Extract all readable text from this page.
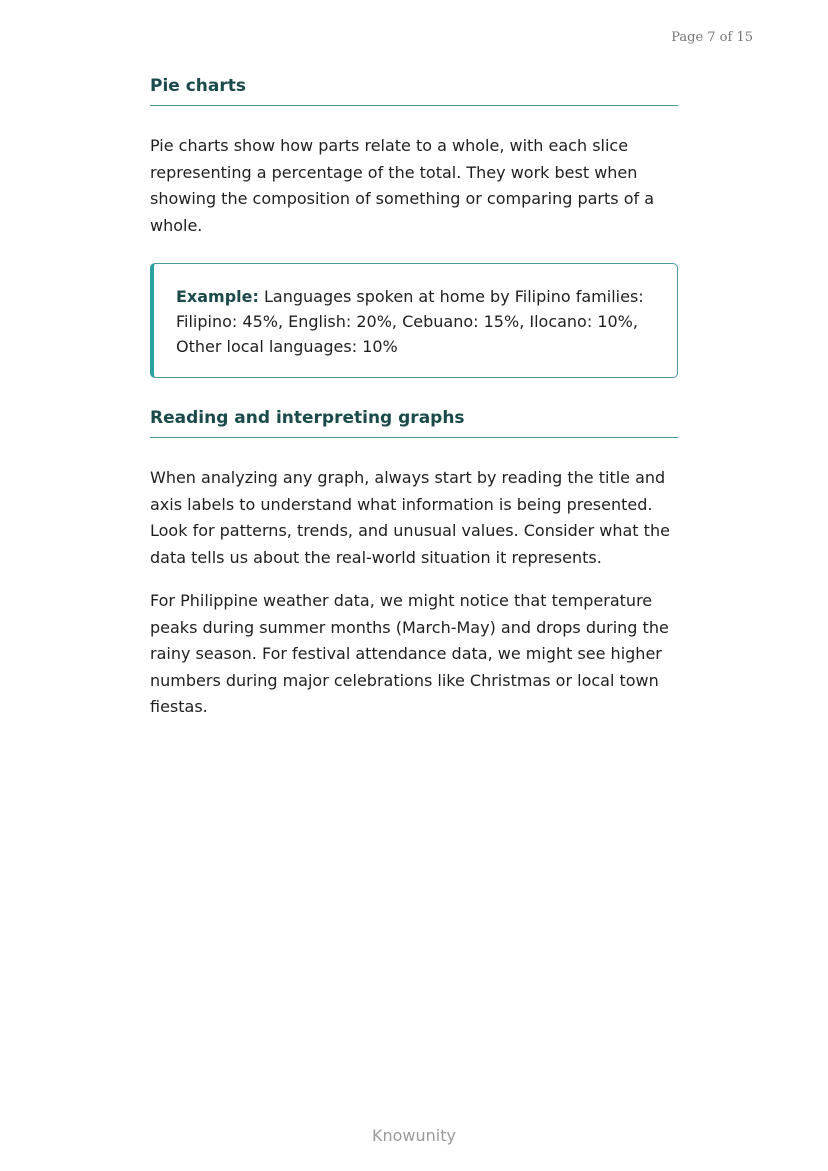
Page 7 of 15
Pie charts

Pie charts show how parts relate to a whole, with each slice representing a percentage of the total. They work best when showing the composition of something or comparing parts of a whole.

Example: Languages spoken at home by Filipino families:
Filipino: 45%, English: 20%, Cebuano: 15%, Ilocano: 10%, Other local languages: 10%
Reading and interpreting graphs

When analyzing any graph, always start by reading the title and axis labels to understand what information is being presented. Look for patterns, trends, and unusual values. Consider what the data tells us about the real-world situation it represents.

For Philippine weather data, we might notice that temperature peaks during summer months (March-May) and drops during the rainy season. For festival attendance data, we might see higher numbers during major celebrations like Christmas or local town fiestas.

Knowunity
